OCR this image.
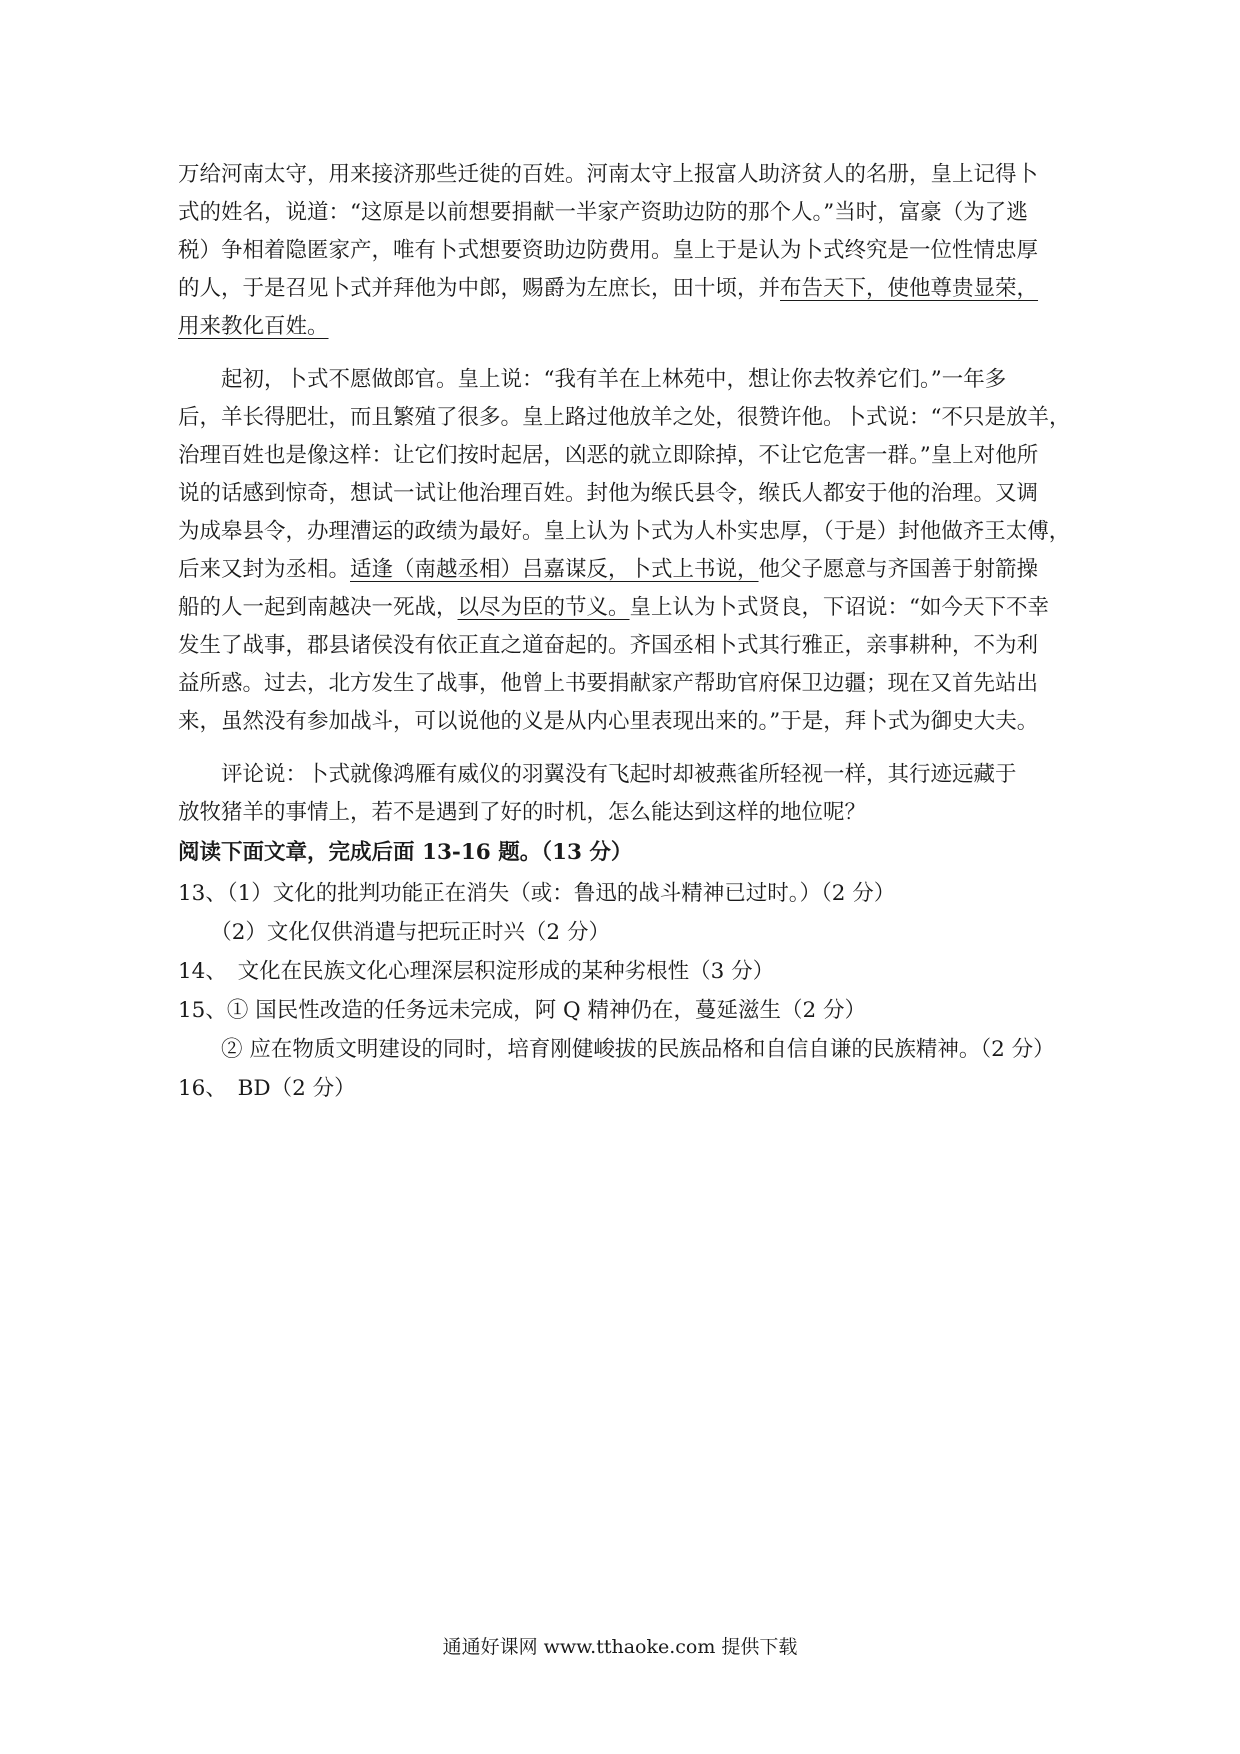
万给河南太守，用来接济那些迁徙的百姓。河南太守上报富人助济贫人的名册，皇上记得卜
式的姓名，说道：“这原是以前想要捐献一半家产资助边防的那个人。”当时，富豪（为了逃
税）争相着隐匿家产，唯有卜式想要资助边防费用。皇上于是认为卜式终究是一位性情忠厚
的人，于是召见卜式并拜他为中郎，赐爵为左庶长，田十顷，并布告天下，使他尊贵显荣，
用来教化百姓。
　　起初，卜式不愿做郎官。皇上说：“我有羊在上林苑中，想让你去牧养它们。”一年多
后，羊长得肥壮，而且繁殖了很多。皇上路过他放羊之处，很赞许他。卜式说：“不只是放羊，
治理百姓也是像这样：让它们按时起居，凶恶的就立即除掉，不让它危害一群。”皇上对他所
说的话感到惊奇，想试一试让他治理百姓。封他为缑氏县令，缑氏人都安于他的治理。又调
为成皋县令，办理漕运的政绩为最好。皇上认为卜式为人朴实忠厚，（于是）封他做齐王太傅，
后来又封为丞相。适逢（南越丞相）吕嘉谋反，卜式上书说，他父子愿意与齐国善于射箭操
船的人一起到南越决一死战，以尽为臣的节义。皇上认为卜式贤良，下诏说：“如今天下不幸
发生了战事，郡县诸侯没有依正直之道奋起的。齐国丞相卜式其行雅正，亲事耕种，不为利
益所惑。过去，北方发生了战事，他曾上书要捐献家产帮助官府保卫边疆；现在又首先站出
来，虽然没有参加战斗，可以说他的义是从内心里表现出来的。”于是，拜卜式为御史大夫。
　　评论说：卜式就像鸿雁有威仪的羽翼没有飞起时却被燕雀所轻视一样，其行迹远藏于
放牧猪羊的事情上，若不是遇到了好的时机，怎么能达到这样的地位呢？
阅读下面文章，完成后面 13-16 题。（13 分）
13、（1）文化的批判功能正在消失（或：鲁迅的战斗精神已过时。）（2 分）
　　（2）文化仅供消遣与把玩正时兴（2 分）
14、　文化在民族文化心理深层积淀形成的某种劣根性（3 分）
15、① 国民性改造的任务远未完成，阿 Q 精神仍在，蔓延滋生（2 分）
　　② 应在物质文明建设的同时，培育刚健峻拔的民族品格和自信自谦的民族精神。（2 分）
16、　BD（2 分）
通通好课网 www.tthaoke.com 提供下载
